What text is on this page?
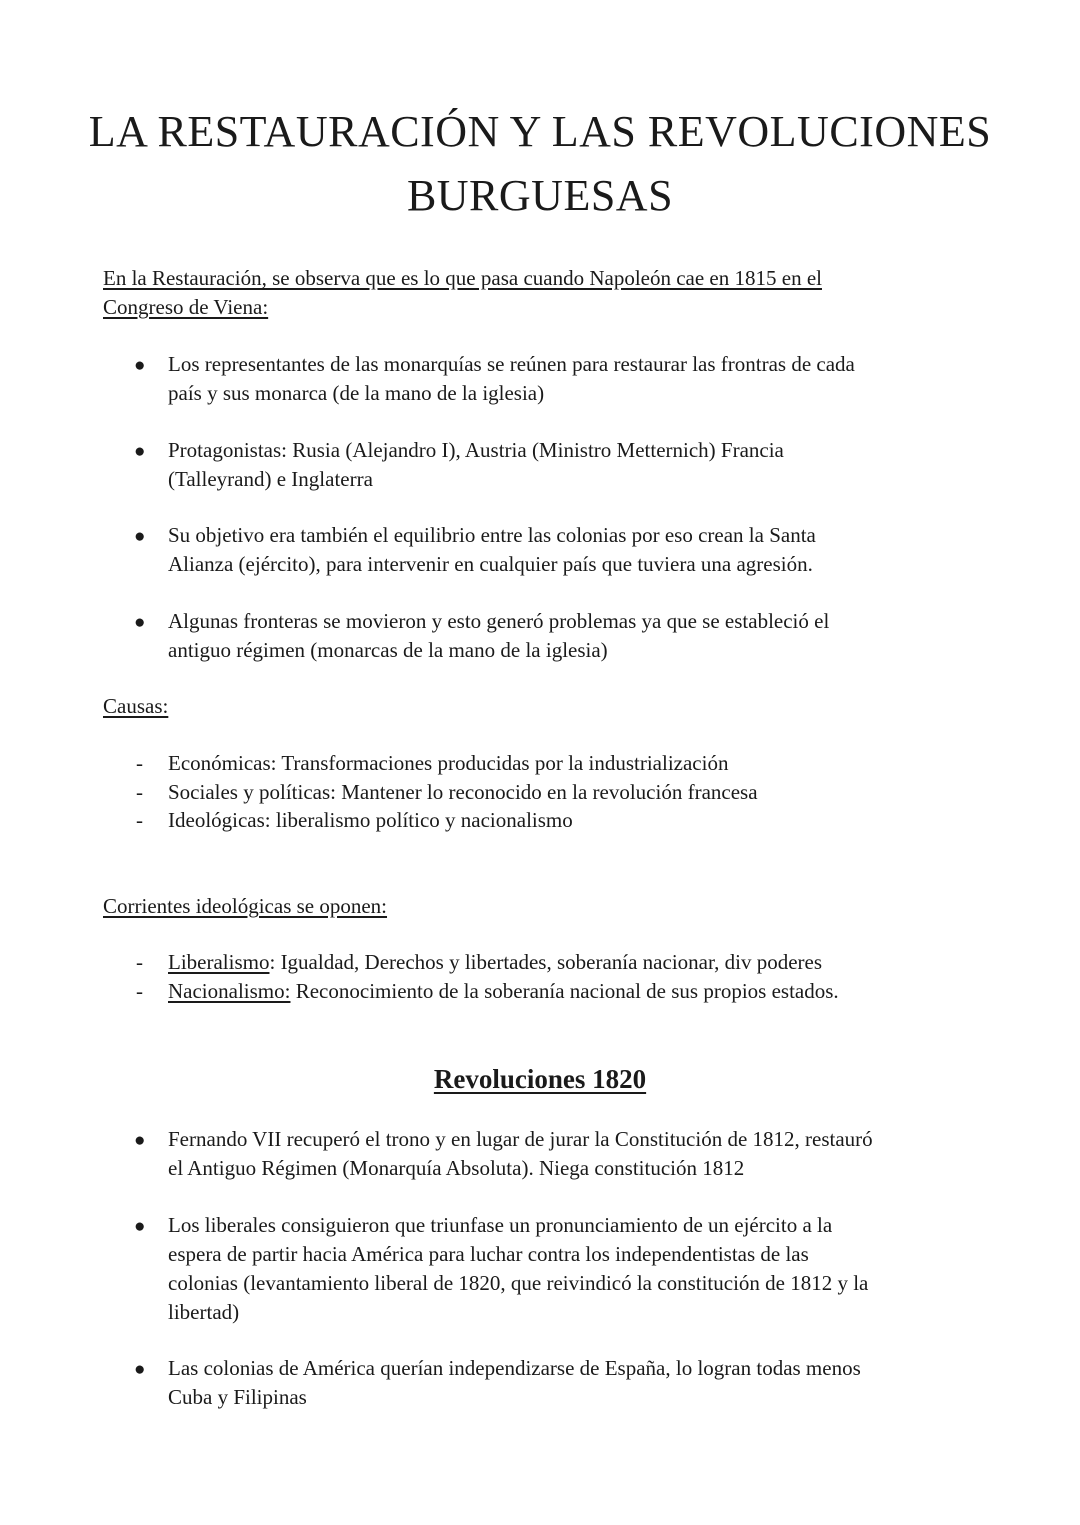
LA RESTAURACIÓN Y LAS REVOLUCIONES
BURGUESAS

En la Restauración, se observa que es lo que pasa cuando Napoleón cae en 1815 en el
Congreso de Viena:

● Los representantes de las monarquías se reúnen para restaurar las frontras de cada
país y sus monarca (de la mano de la iglesia)

● Protagonistas: Rusia (Alejandro I), Austria (Ministro Metternich) Francia
(Talleyrand) e Inglaterra

● Su objetivo era también el equilibrio entre las colonias por eso crean la Santa
Alianza (ejército), para intervenir en cualquier país que tuviera una agresión.

● Algunas fronteras se movieron y esto generó problemas ya que se estableció el
antiguo régimen (monarcas de la mano de la iglesia)

Causas:

- Económicas: Transformaciones producidas por la industrialización

- Sociales y políticas: Mantener lo reconocido en la revolución francesa

- Ideológicas: liberalismo político y nacionalismo

Corrientes ideológicas se oponen:

- Liberalismo: Igualdad, Derechos y libertades, soberanía nacionar, div poderes

- Nacionalismo: Reconocimiento de la soberanía nacional de sus propios estados.

Revoluciones 1820
● Fernando VII recuperó el trono y en lugar de jurar la Constitución de 1812, restauró
el Antiguo Régimen (Monarquía Absoluta). Niega constitución 1812

● Los liberales consiguieron que triunfase un pronunciamiento de un ejército a la
espera de partir hacia América para luchar contra los independentistas de las
colonias (levantamiento liberal de 1820, que reivindicó la constitución de 1812 y la
libertad)

● Las colonias de América querían independizarse de España, lo logran todas menos
Cuba y Filipinas
